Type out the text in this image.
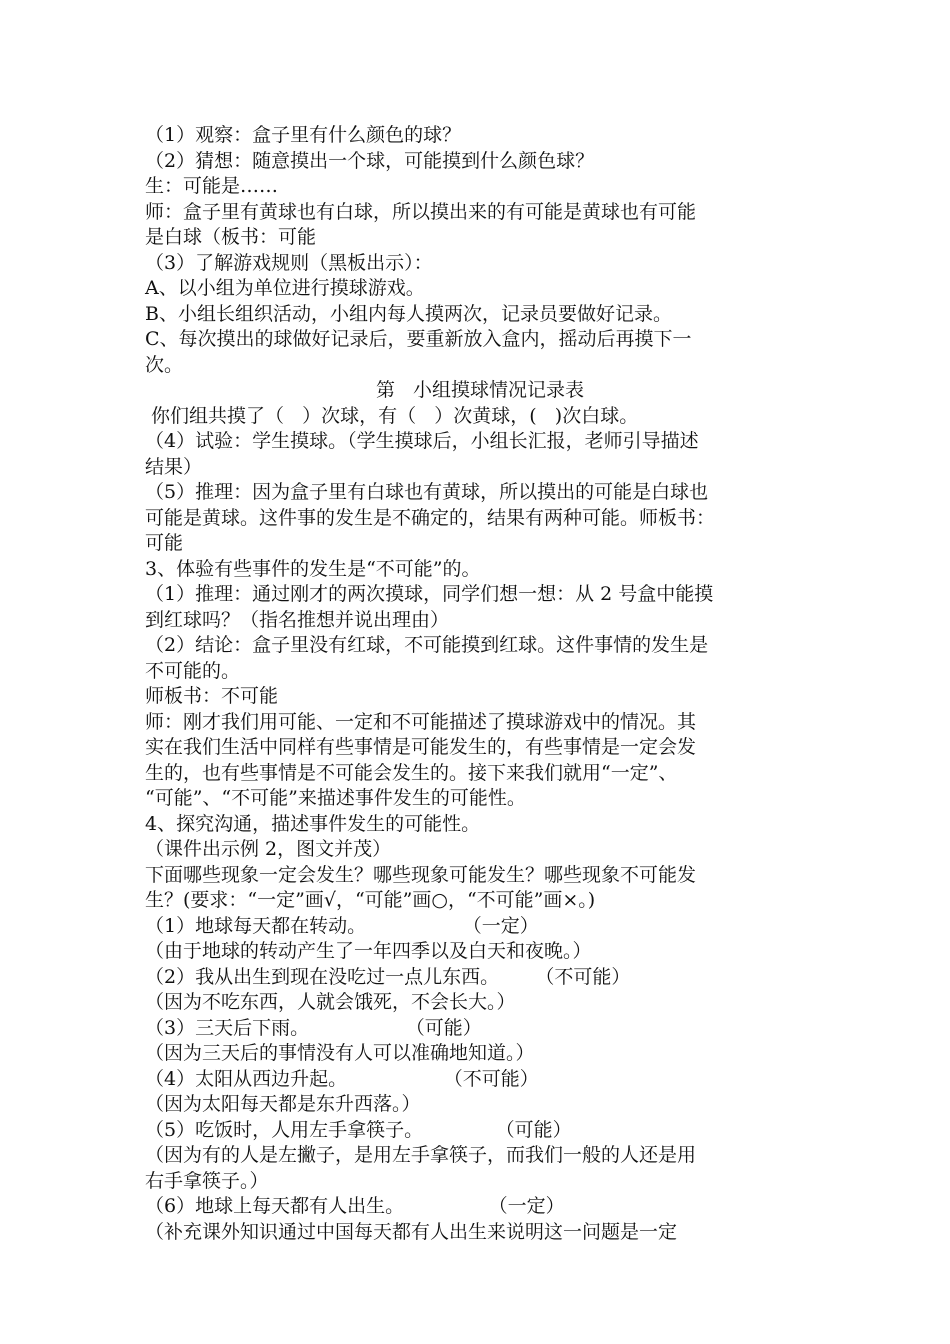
（1）观察：盒子里有什么颜色的球？
（2）猜想：随意摸出一个球，可能摸到什么颜色球？
生：可能是……
师：盒子里有黄球也有白球，所以摸出来的有可能是黄球也有可能
是白球（板书：可能
（3）了解游戏规则（黑板出示）：
A、以小组为单位进行摸球游戏。
B、小组长组织活动，小组内每人摸两次，记录员要做好记录。
C、每次摸出的球做好记录后，要重新放入盒内，摇动后再摸下一
次。
第   小组摸球情况记录表
你们组共摸了（   ）次球，有（   ）次黄球，(   )次白球。
（4）试验：学生摸球。（学生摸球后，小组长汇报，老师引导描述
结果）
（5）推理：因为盒子里有白球也有黄球，所以摸出的可能是白球也
可能是黄球。这件事的发生是不确定的，结果有两种可能。师板书：
可能
3、体验有些事件的发生是“不可能”的。
（1）推理：通过刚才的两次摸球，同学们想一想：从 2 号盒中能摸
到红球吗？（指名推想并说出理由）
（2）结论：盒子里没有红球，不可能摸到红球。这件事情的发生是
不可能的。
师板书：不可能
师：刚才我们用可能、一定和不可能描述了摸球游戏中的情况。其
实在我们生活中同样有些事情是可能发生的，有些事情是一定会发
生的，也有些事情是不可能会发生的。接下来我们就用“一定”、
“可能”、“不可能”来描述事件发生的可能性。
4、探究沟通，描述事件发生的可能性。
（课件出示例 2，图文并茂）
下面哪些现象一定会发生？哪些现象可能发生？哪些现象不可能发
生？(要求：“一定”画√，“可能”画○，“不可能”画×。)
（1）地球每天都在转动。                （一定）
（由于地球的转动产生了一年四季以及白天和夜晚。）
（2）我从出生到现在没吃过一点儿东西。      （不可能）
（因为不吃东西，人就会饿死，不会长大。）
（3）三天后下雨。                （可能）
（因为三天后的事情没有人可以准确地知道。）
（4）太阳从西边升起。                （不可能）
（因为太阳每天都是东升西落。）
（5）吃饭时，人用左手拿筷子。            （可能）
（因为有的人是左撇子，是用左手拿筷子，而我们一般的人还是用
右手拿筷子。）
（6）地球上每天都有人出生。              （一定）
（补充课外知识通过中国每天都有人出生来说明这一问题是一定
